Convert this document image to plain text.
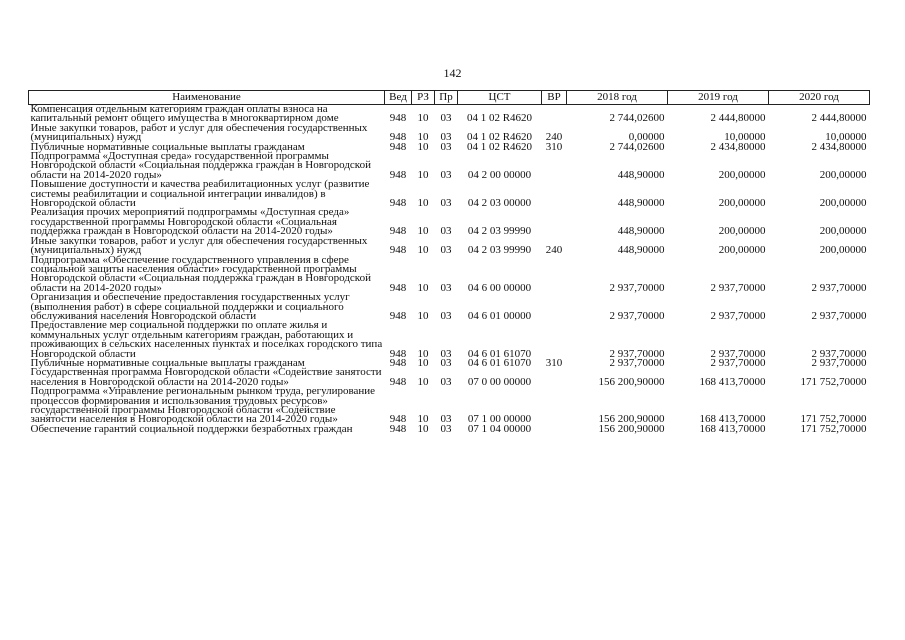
142
Наименование	Вед	РЗ	Пр	ЦСТ	ВР	2018 год	2019 год	2020 год
Компенсация отдельным категориям граждан оплаты взноса на капитальный ремонт общего имущества в многоквартирном доме	948	10	03	04 1 02 R4620		2 744,02600	2 444,80000	2 444,80000
Иные закупки товаров, работ и услуг для обеспечения государственных (муниципальных) нужд	948	10	03	04 1 02 R4620	240	0,00000	10,00000	10,00000
Публичные нормативные социальные выплаты гражданам	948	10	03	04 1 02 R4620	310	2 744,02600	2 434,80000	2 434,80000
Подпрограмма «Доступная среда» государственной программы Новгородской области «Социальная поддержка граждан в Новгородской области на 2014-2020 годы»	948	10	03	04 2 00 00000		448,90000	200,00000	200,00000
Повышение доступности и качества реабилитационных услуг (развитие системы реабилитации и социальной интеграции инвалидов) в Новгородской области	948	10	03	04 2 03 00000		448,90000	200,00000	200,00000
Реализация прочих мероприятий подпрограммы «Доступная среда» государственной программы Новгородской области «Социальная поддержка граждан в Новгородской области на 2014-2020 годы»	948	10	03	04 2 03 99990		448,90000	200,00000	200,00000
Иные закупки товаров, работ и услуг для обеспечения государственных (муниципальных) нужд	948	10	03	04 2 03 99990	240	448,90000	200,00000	200,00000
Подпрограмма «Обеспечение государственного управления в сфере социальной защиты населения области» государственной программы Новгородской области «Социальная поддержка граждан в Новгородской области на 2014-2020 годы»	948	10	03	04 6 00 00000		2 937,70000	2 937,70000	2 937,70000
Организация и обеспечение предоставления государственных услуг (выполнения работ) в сфере социальной поддержки и социального обслуживания населения Новгородской области	948	10	03	04 6 01 00000		2 937,70000	2 937,70000	2 937,70000
Предоставление мер социальной поддержки по оплате жилья и коммунальных услуг отдельным категориям граждан, работающих и проживающих в сельских населенных пунктах и поселках городского типа Новгородской области	948	10	03	04 6 01 61070		2 937,70000	2 937,70000	2 937,70000
Публичные нормативные социальные выплаты гражданам	948	10	03	04 6 01 61070	310	2 937,70000	2 937,70000	2 937,70000
Государственная программа Новгородской области «Содействие занятости населения в Новгородской области на 2014-2020 годы»	948	10	03	07 0 00 00000		156 200,90000	168 413,70000	171 752,70000
Подпрограмма «Управление региональным рынком труда, регулирование процессов формирования и использования трудовых ресурсов» государственной программы Новгородской области «Содействие занятости населения в Новгородской области на 2014-2020 годы»	948	10	03	07 1 00 00000		156 200,90000	168 413,70000	171 752,70000
Обеспечение гарантий социальной поддержки безработных граждан	948	10	03	07 1 04 00000		156 200,90000	168 413,70000	171 752,70000
